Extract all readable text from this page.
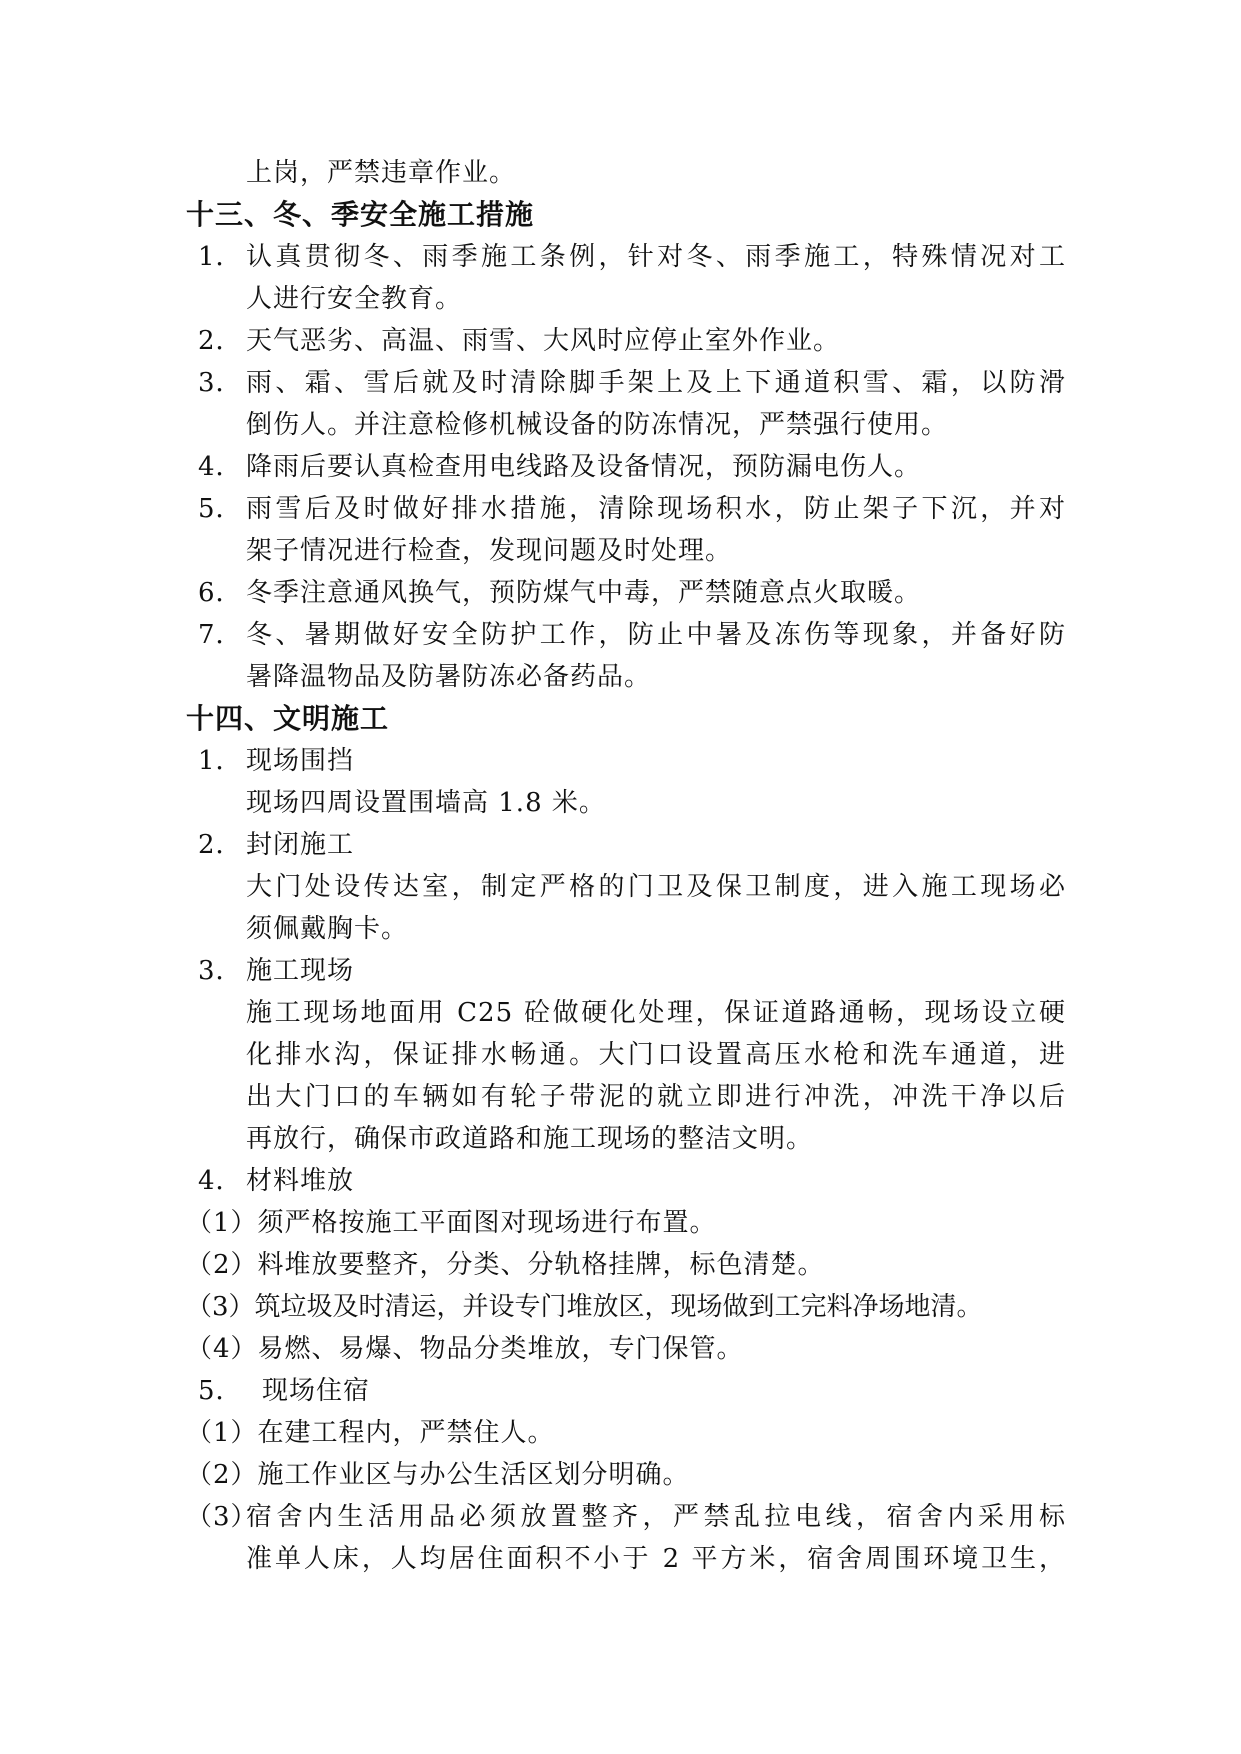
上岗，严禁违章作业。
十三、冬、季安全施工措施
1． 认真贯彻冬、雨季施工条例，针对冬、雨季施工，特殊情况对工
人进行安全教育。
2． 天气恶劣、高温、雨雪、大风时应停止室外作业。
3． 雨、霜、雪后就及时清除脚手架上及上下通道积雪、霜，以防滑
倒伤人。并注意检修机械设备的防冻情况，严禁强行使用。
4． 降雨后要认真检查用电线路及设备情况，预防漏电伤人。
5． 雨雪后及时做好排水措施，清除现场积水，防止架子下沉，并对
架子情况进行检查，发现问题及时处理。
6． 冬季注意通风换气，预防煤气中毒，严禁随意点火取暖。
7． 冬、暑期做好安全防护工作，防止中暑及冻伤等现象，并备好防
暑降温物品及防暑防冻必备药品。
十四、文明施工
1． 现场围挡
现场四周设置围墙高 1.8 米。
2． 封闭施工
大门处设传达室，制定严格的门卫及保卫制度，进入施工现场必
须佩戴胸卡。
3． 施工现场
施工现场地面用 C25 砼做硬化处理，保证道路通畅，现场设立硬
化排水沟，保证排水畅通。大门口设置高压水枪和洗车通道，进
出大门口的车辆如有轮子带泥的就立即进行冲洗，冲洗干净以后
再放行，确保市政道路和施工现场的整洁文明。
4． 材料堆放
（1）须严格按施工平面图对现场进行布置。
（2）料堆放要整齐，分类、分轨格挂牌，标色清楚。
（3）筑垃圾及时清运，并设专门堆放区，现场做到工完料净场地清。
（4）易燃、易爆、物品分类堆放，专门保管。
5． 现场住宿
（1）在建工程内，严禁住人。
（2）施工作业区与办公生活区划分明确。
（3）
宿舍内生活用品必须放置整齐，严禁乱拉电线，宿舍内采用标
准单人床，人均居住面积不小于 2 平方米，宿舍周围环境卫生，
